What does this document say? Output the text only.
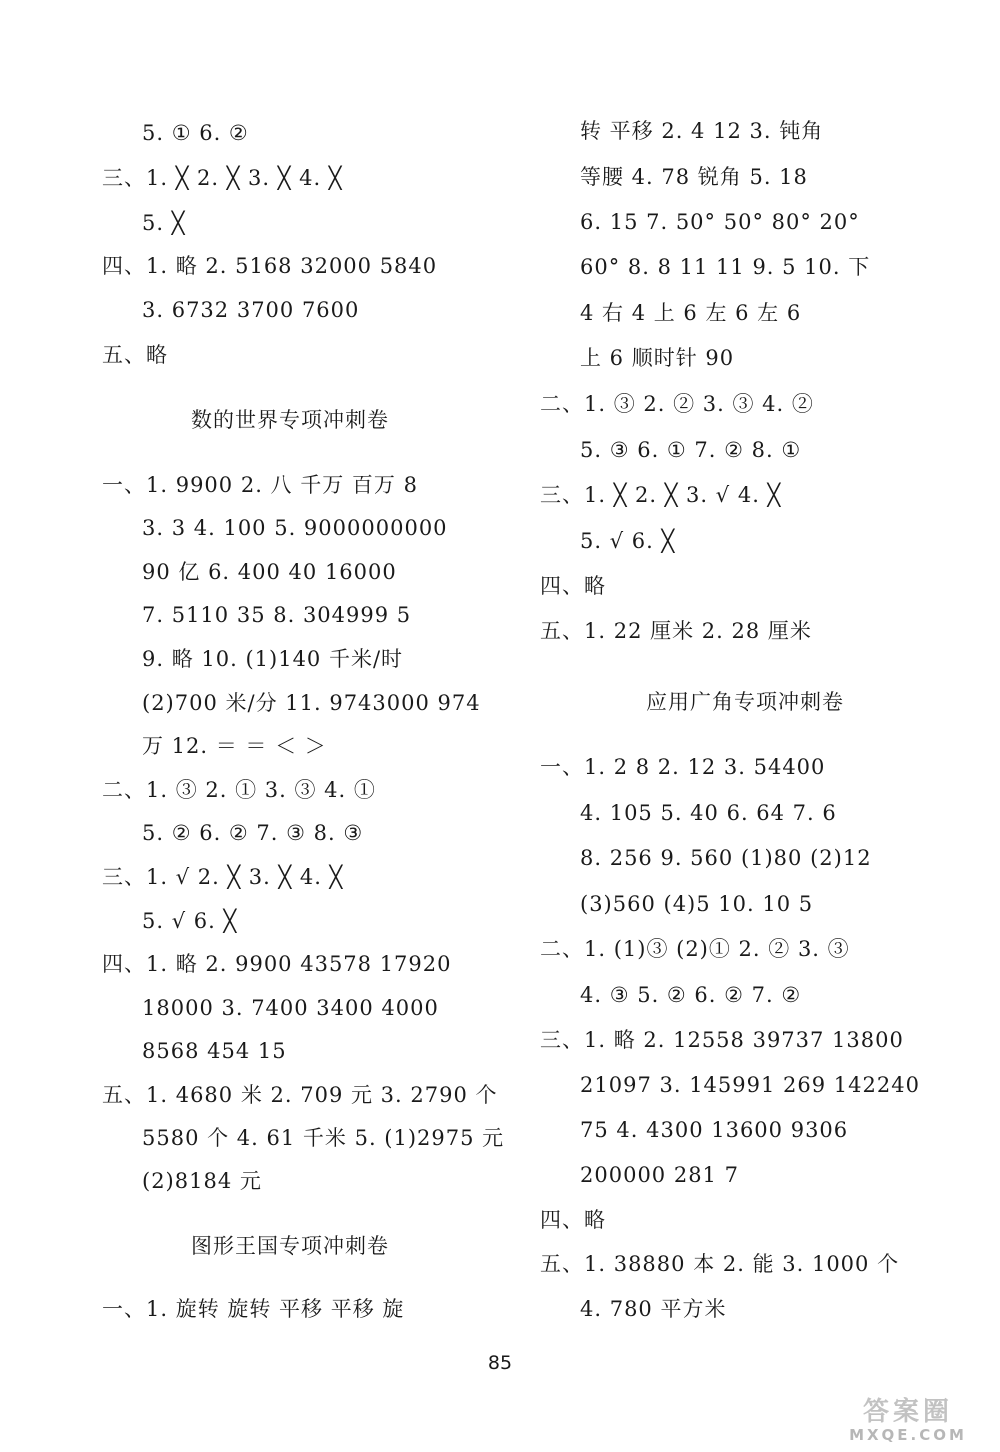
5. ① 6. ②
三、1. ╳ 2. ╳ 3. ╳ 4. ╳
5. ╳
四、1. 略 2. 5168 32000 5840
3. 6732 3700 7600
五、略
数的世界专项冲刺卷
一、1. 9900 2. 八 千万 百万 8
3. 3 4. 100 5. 9000000000
90 亿 6. 400 40 16000
7. 5110 35 8. 304999 5
9. 略 10. (1)140 千米/时
(2)700 米/分 11. 9743000 974
万 12. ＝ ＝ ＜ ＞
二、1. ③ 2. ① 3. ③ 4. ①
5. ② 6. ② 7. ③ 8. ③
三、1. √ 2. ╳ 3. ╳ 4. ╳
5. √ 6. ╳
四、1. 略 2. 9900 43578 17920
18000 3. 7400 3400 4000
8568 454 15
五、1. 4680 米 2. 709 元 3. 2790 个
5580 个 4. 61 千米 5. (1)2975 元
(2)8184 元
图形王国专项冲刺卷
一、1. 旋转 旋转 平移 平移 旋
转 平移 2. 4 12 3. 钝角
等腰 4. 78 锐角 5. 18
6. 15 7. 50° 50° 80° 20°
60° 8. 8 11 11 9. 5 10. 下
4 右 4 上 6 左 6 左 6
上 6 顺时针 90
二、1. ③ 2. ② 3. ③ 4. ②
5. ③ 6. ① 7. ② 8. ①
三、1. ╳ 2. ╳ 3. √ 4. ╳
5. √ 6. ╳
四、略
五、1. 22 厘米 2. 28 厘米
应用广角专项冲刺卷
一、1. 2 8 2. 12 3. 54400
4. 105 5. 40 6. 64 7. 6
8. 256 9. 560 (1)80 (2)12
(3)560 (4)5 10. 10 5
二、1. (1)③ (2)① 2. ② 3. ③
4. ③ 5. ② 6. ② 7. ②
三、1. 略 2. 12558 39737 13800
21097 3. 145991 269 142240
75 4. 4300 13600 9306
200000 281 7
四、略
五、1. 38880 本 2. 能 3. 1000 个
4. 780 平方米
85
答案圈
MXQE.COM
